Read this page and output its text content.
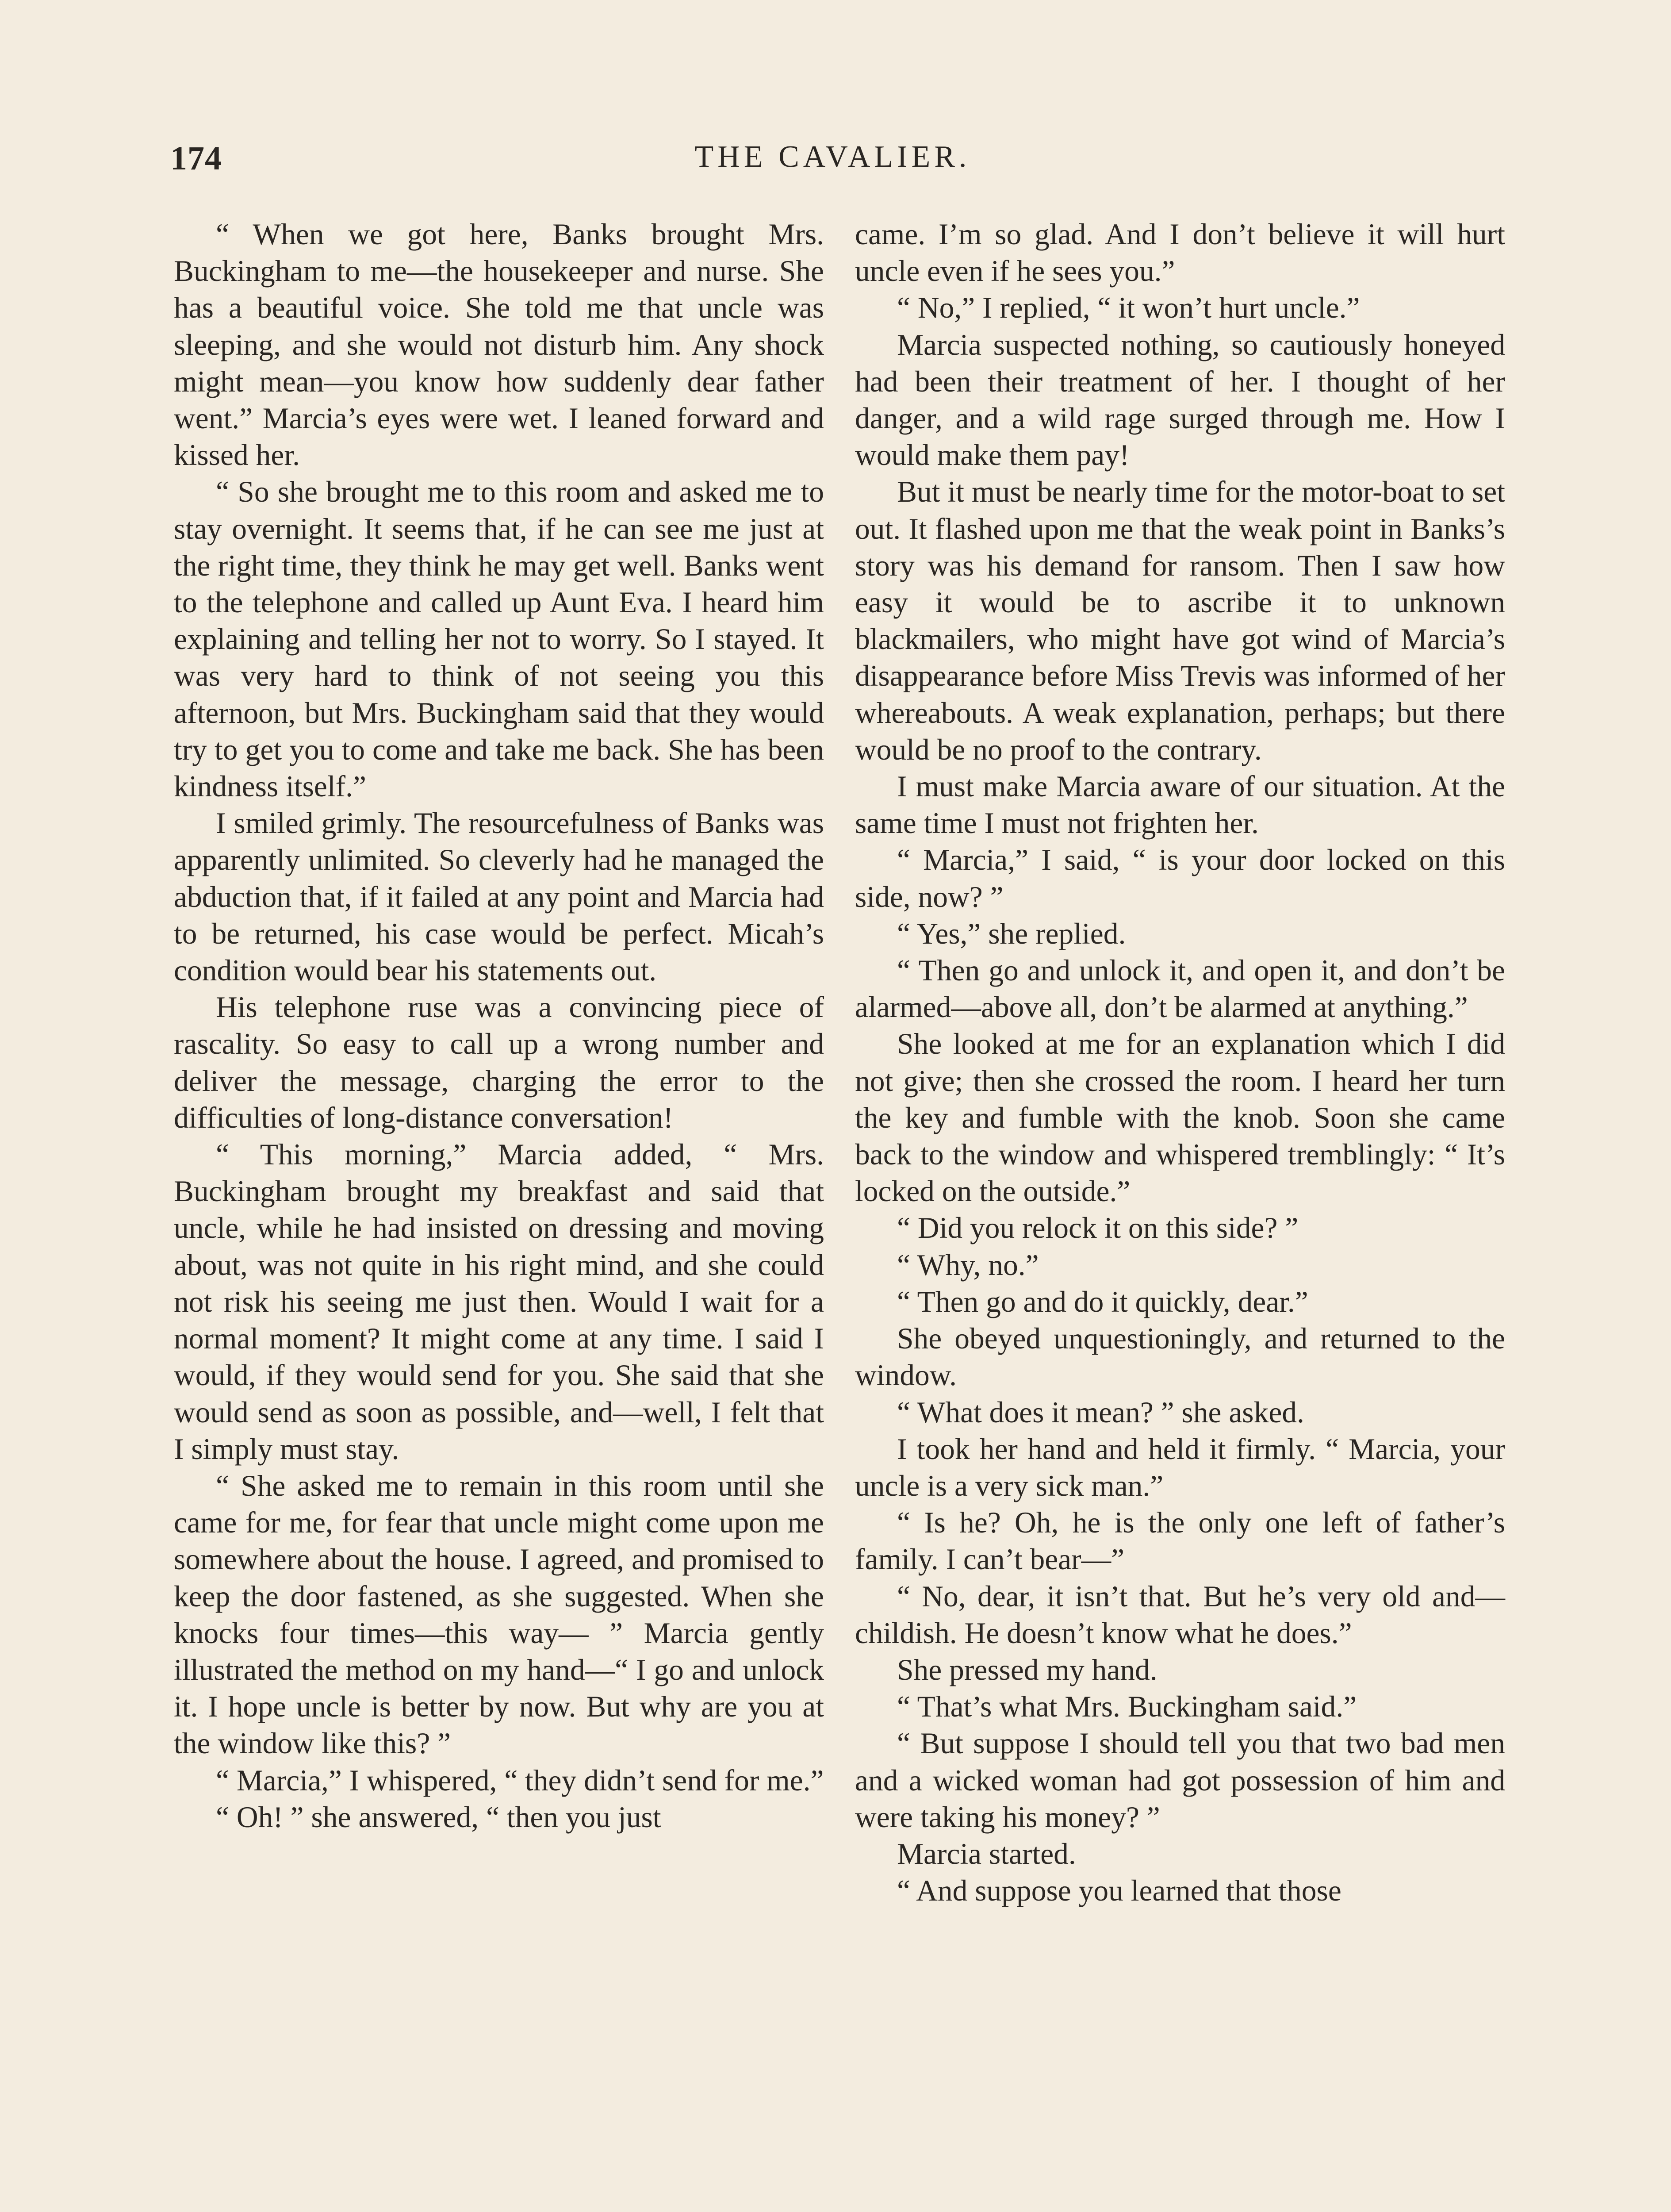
174	THE CAVALIER.

“ When we got here, Banks brought Mrs. Buckingham to me—the housekeeper and nurse. She has a beautiful voice. She told me that uncle was sleeping, and she would not disturb him. Any shock might mean—you know how suddenly dear father went.” Marcia’s eyes were wet. I leaned forward and kissed her.

“ So she brought me to this room and asked me to stay overnight. It seems that, if he can see me just at the right time, they think he may get well. Banks went to the telephone and called up Aunt Eva. I heard him explaining and telling her not to worry. So I stayed. It was very hard to think of not seeing you this afternoon, but Mrs. Buckingham said that they would try to get you to come and take me back. She has been kindness itself.”

I smiled grimly. The resourcefulness of Banks was apparently unlimited. So cleverly had he managed the abduction that, if it failed at any point and Marcia had to be returned, his case would be perfect. Micah’s condition would bear his statements out.

His telephone ruse was a convincing piece of rascality. So easy to call up a wrong number and deliver the message, charging the error to the difficulties of long-distance conversation!

“ This morning,” Marcia added, “ Mrs. Buckingham brought my breakfast and said that uncle, while he had insisted on dressing and moving about, was not quite in his right mind, and she could not risk his seeing me just then. Would I wait for a normal moment? It might come at any time. I said I would, if they would send for you. She said that she would send as soon as possible, and—well, I felt that I simply must stay.

“ She asked me to remain in this room until she came for me, for fear that uncle might come upon me somewhere about the house. I agreed, and promised to keep the door fastened, as she suggested. When she knocks four times—this way— ” Marcia gently illustrated the method on my hand—“ I go and unlock it. I hope uncle is better by now. But why are you at the window like this? ”

“ Marcia,” I whispered, “ they didn’t send for me.”

“ Oh! ” she answered, “ then you just

came. I’m so glad. And I don’t believe it will hurt uncle even if he sees you.”

“ No,” I replied, “ it won’t hurt uncle.”

Marcia suspected nothing, so cautiously honeyed had been their treatment of her. I thought of her danger, and a wild rage surged through me. How I would make them pay!

But it must be nearly time for the motor-boat to set out. It flashed upon me that the weak point in Banks’s story was his demand for ransom. Then I saw how easy it would be to ascribe it to unknown blackmailers, who might have got wind of Marcia’s disappearance before Miss Trevis was informed of her whereabouts. A weak explanation, perhaps; but there would be no proof to the contrary.

I must make Marcia aware of our situation. At the same time I must not frighten her.

“ Marcia,” I said, “ is your door locked on this side, now? ”

“ Yes,” she replied.

“ Then go and unlock it, and open it, and don’t be alarmed—above all, don’t be alarmed at anything.”

She looked at me for an explanation which I did not give; then she crossed the room. I heard her turn the key and fumble with the knob. Soon she came back to the window and whispered tremblingly: “ It’s locked on the outside.”

“ Did you relock it on this side? ”

“ Why, no.”

“ Then go and do it quickly, dear.”

She obeyed unquestioningly, and returned to the window.

“ What does it mean? ” she asked.

I took her hand and held it firmly. “ Marcia, your uncle is a very sick man.”

“ Is he? Oh, he is the only one left of father’s family. I can’t bear—”

“ No, dear, it isn’t that. But he’s very old and—childish. He doesn’t know what he does.”

She pressed my hand.

“ That’s what Mrs. Buckingham said.”

“ But suppose I should tell you that two bad men and a wicked woman had got possession of him and were taking his money? ”

Marcia started.

“ And suppose you learned that those
